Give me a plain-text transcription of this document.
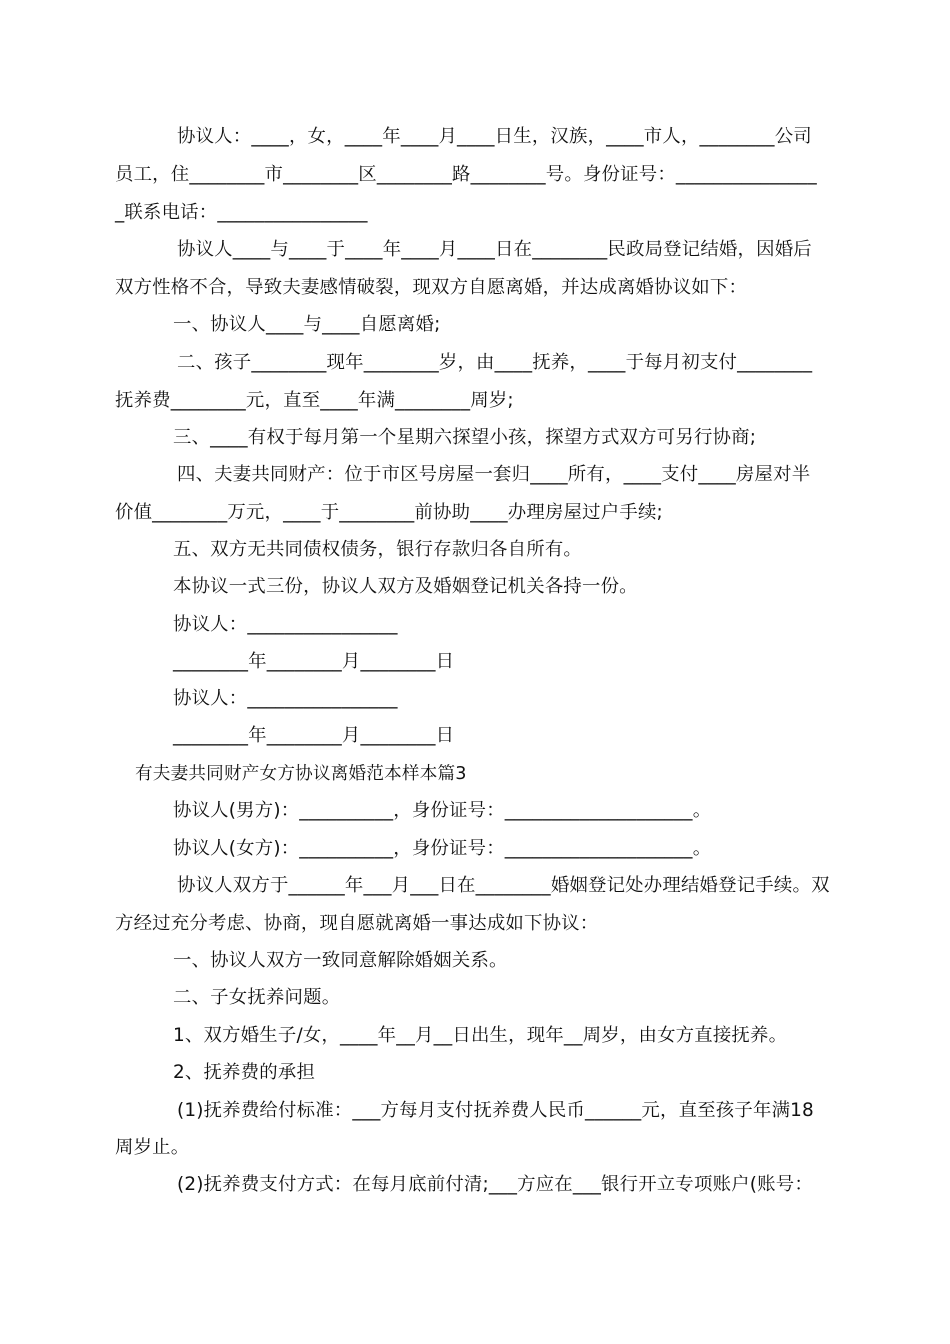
协议人：____，女，____年____月____日生，汉族，____市人，________公司

员工，住________市________区________路________号。身份证号：_______________

_联系电话：________________

协议人____与____于____年____月____日在________民政局登记结婚，因婚后

双方性格不合，导致夫妻感情破裂，现双方自愿离婚，并达成离婚协议如下：

一、协议人____与____自愿离婚;

二、孩子________现年________岁，由____抚养，____于每月初支付________

抚养费________元，直至____年满________周岁;

三、____有权于每月第一个星期六探望小孩，探望方式双方可另行协商;

四、夫妻共同财产：位于市区号房屋一套归____所有，____支付____房屋对半

价值________万元，____于________前协助____办理房屋过户手续;

五、双方无共同债权债务，银行存款归各自所有。

本协议一式三份，协议人双方及婚姻登记机关各持一份。

协议人：________________

________年________月________日

协议人：________________

________年________月________日

有夫妻共同财产女方协议离婚范本样本篇3

协议人(男方)：__________，身份证号：____________________。

协议人(女方)：__________，身份证号：____________________。

协议人双方于______年___月___日在________婚姻登记处办理结婚登记手续。双

方经过充分考虑、协商，现自愿就离婚一事达成如下协议：

一、协议人双方一致同意解除婚姻关系。

二、子女抚养问题。

1、双方婚生子/女，____年__月__日出生，现年__周岁，由女方直接抚养。

2、抚养费的承担

(1)抚养费给付标准：___方每月支付抚养费人民币______元，直至孩子年满18

周岁止。

(2)抚养费支付方式：在每月底前付清;___方应在___银行开立专项账户(账号：
